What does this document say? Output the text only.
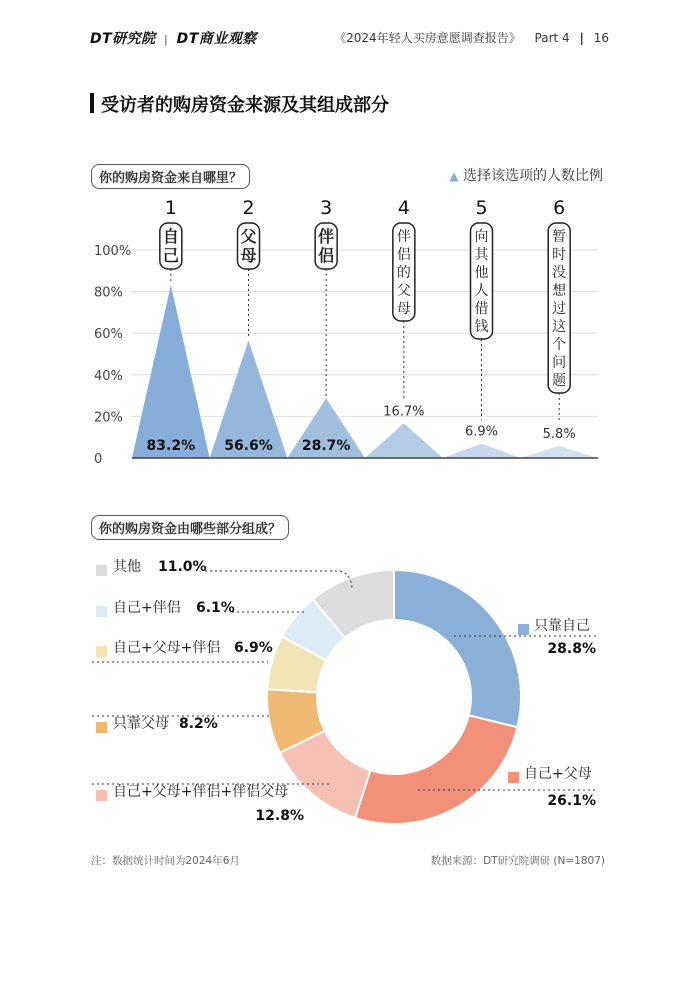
DT研究院 | DT商业观察	《2024年轻人买房意愿调查报告》 Part 4 | 16
受访者的购房资金来源及其组成部分
你的购房资金来自哪里？	▲ 选择该选项的人数比例
0
20%
40%
60%
80%
100%
1
自
己
83.2%
2
父
母
56.6%
3
伴
侣
28.7%
4
伴
侣
的
父
母
16.7%
5
向
其
他
人
借
钱
6.9%
6
暂
时
没
想
过
这
个
问
题
5.8%
你的购房资金由哪些部分组成？
只靠自己
28.8%
自己+父母
26.1%
自己+父母+伴侣+伴侣父母
12.8%
只靠父母 8.2%
自己+父母+伴侣 6.9%
自己+伴侣 6.1%
其他 11.0%
注：数据统计时间为2024年6月	数据来源：DT研究院调研 (N=1807)
